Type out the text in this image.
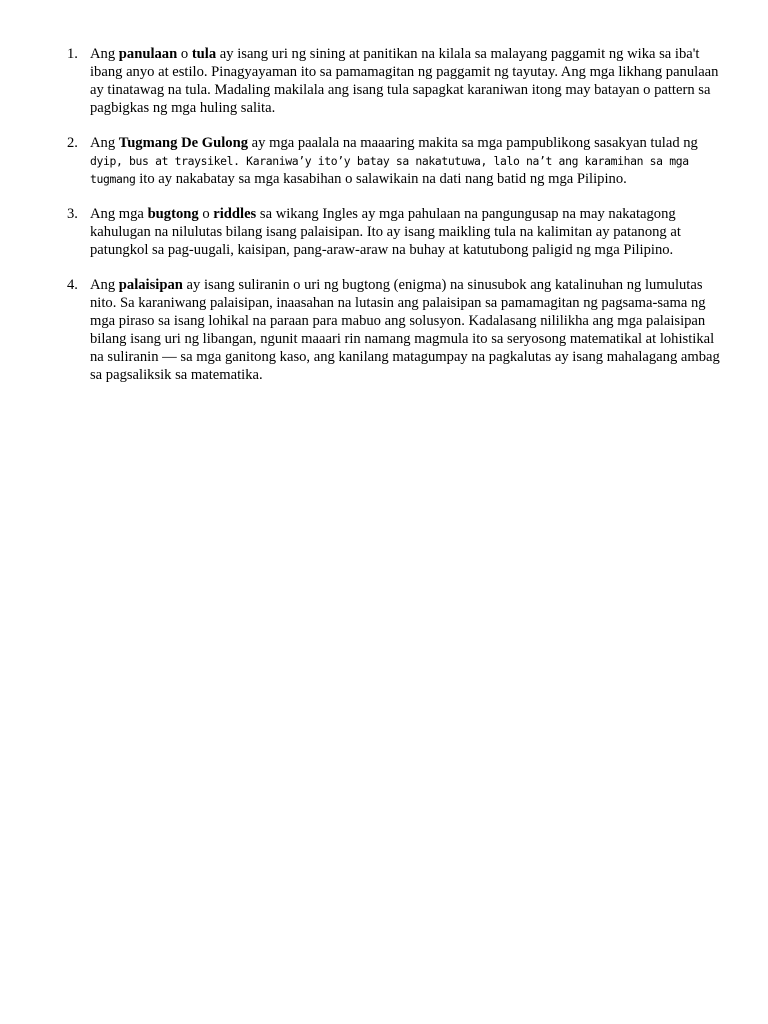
1. Ang panulaan o tula ay isang uri ng sining at panitikan na kilala sa malayang paggamit ng wika sa iba't ibang anyo at estilo. Pinagyayaman ito sa pamamagitan ng paggamit ng tayutay. Ang mga likhang panulaan ay tinatawag na tula. Madaling makilala ang isang tula sapagkat karaniwan itong may batayan o pattern sa pagbigkas ng mga huling salita.

2. Ang Tugmang De Gulong ay mga paalala na maaaring makita sa mga pampublikong sasakyan tulad ng dyip, bus at traysikel. Karaniwa’y ito’y batay sa nakatutuwa, lalo na’t ang karamihan sa mga tugmang ito ay nakabatay sa mga kasabihan o salawikain na dati nang batid ng mga Pilipino.

3. Ang mga bugtong o riddles sa wikang Ingles ay mga pahulaan na pangungusap na may nakatagong kahulugan na nilulutas bilang isang palaisipan. Ito ay isang maikling tula na kalimitan ay patanong at patungkol sa pag-uugali, kaisipan, pang-araw-araw na buhay at katutubong paligid ng mga Pilipino.

4. Ang palaisipan ay isang suliranin o uri ng bugtong (enigma) na sinusubok ang katalinuhan ng lumulutas nito. Sa karaniwang palaisipan, inaasahan na lutasin ang palaisipan sa pamamagitan ng pagsama-sama ng mga piraso sa isang lohikal na paraan para mabuo ang solusyon. Kadalasang nililikha ang mga palaisipan bilang isang uri ng libangan, ngunit maaari rin namang magmula ito sa seryosong matematikal at lohistikal na suliranin — sa mga ganitong kaso, ang kanilang matagumpay na pagkalutas ay isang mahalagang ambag sa pagsaliksik sa matematika.
